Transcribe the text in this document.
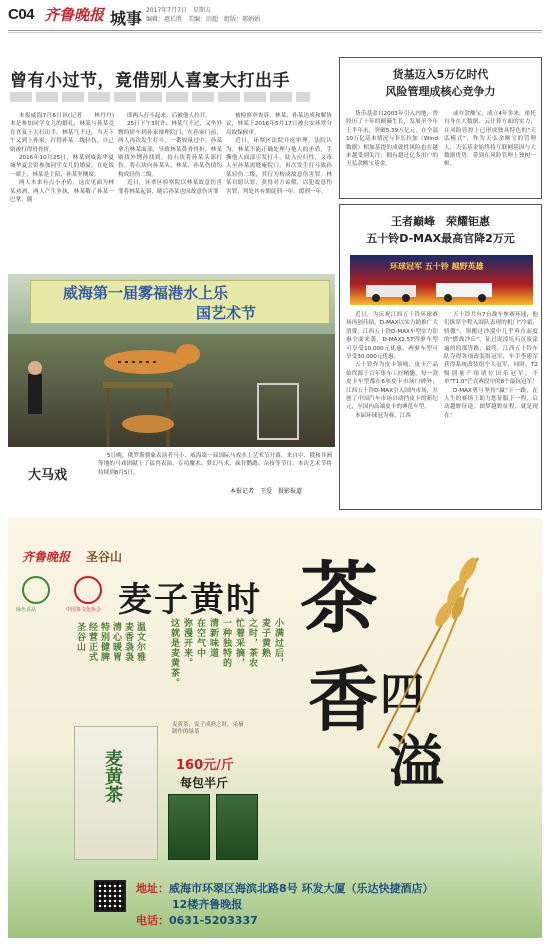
C04 齐鲁晚报 城事 2017年7月7日　星期五
编辑：惠长胜　美编：田超　组版：郝娟娟
曾有小过节，竟借别人喜宴大打出手

本报威海7月6日讯(记者　　林丹丹)　本是参加同学女儿的婚礼，林某与孙某竟在喜宴上大打出手。林某气不过，当天下午又到上孙家，打得孙某二级轻伤，自己则被打得骨骨折。

2016年10月25日，林某到威海华夏城华夏会馆参加同学女儿的婚宴，在吃饭一席上，林某是主陪，孙某坐侧席。

两人本来有点小矛盾，这次见面为林某劝酒，两人产生争执，林某敬了孙某一巴掌，随

即两人打斗起来，后被他人拉开。

25日下午3时许，林某气不过，又坐外甥的轿车到孙家辩理院门，在孙家门前，两人再次发生打斗，一番较量过中，孙某拿击林某面部，导致林某鼻骨骨折，林某则找外甥孙找到，持石块将孙某头部打伤。将石块向孙某头，林某、孙某伤情均构成轻伤二级。

近日，环翠区检察院以林某故意伤害罪将林某起诉，随后孙某也因故意伤害罪

被检察审查诉，林某、孙某达成和解协议，林某于2016年5月17日被公安环翠分局取保候审。

近日，环翠区法院开庭审理，法院认为，林某不能正确处理与他人的矛盾，手撕他人面部引发打斗，陆入应归性，又毒人至孙某需缝庵院门，再次发生打斗致孙某轻伤二级，其行为构成故意伤害罪。林某自愿认罪，获得对方谅解，以犯故意伤害罪，判处其有期徒刑一年，缓刑一年。

威海第一届雾福港水上乐
国艺术节
大马戏

5日晚，俄罗斯驯象表演者马小，威海第一届国际马戏水上艺术节开幕，来自中、俄和非洲等地的马戏团献上了猛兽表演、专功魔术、梦幻马术、疯狂鹦鹉、杂技等节目，本次艺术节将持续到8月5日。

本报记者　王爱　摄影报道
货基迈入5万亿时代
风险管理成核心竞争力

货币基金自2003年引入内地，曾经历了十年的颠簸生长，发展至今年上半年末，突破5.39万亿元，在全部10万亿基本情况与非长拉加（Wind数据）相加基提的成就性风险也在越来越受到关注；拥有超过亿多用户的天弘余额宝基金，

或存余额宝，成立4年多来，依托自身在大数据、云计算方面的实力，在风险管控上已形成独具特色的"天弘模式"，作为天弘余额宝的管理人，天弘基金始终将互联网基因与大数据优势，带到在风险管理上独树一帜。

王者巅峰　荣耀钜惠
五十铃D-MAX最高官降2万元
环球冠军 五十铃 越野英雄

近日，为庆祝江西五十铃环球赛场再创佳绩，D-MAX以实力助推广大消费，江西五十铃D-MAX车型实力钜惠全面来袭，D-MAX2.5T四驱车型可享受10,000元优惠，两驱车型可享受30,000元优惠。

五十铃作为皮卡领域，皮卡产品始终源于百年集车工匠精髓，每一款皮卡车型都在6项皮卡市场口碑外，江西五十铃D-MAX引入国内市场，开创了中国汽车市场自动挡皮卡的新纪元，至国内高端皮卡的典范车型。

本届环球冠为赛，江西

五十铃共有7台战车参赛环球，他们纵穿全程入围队表现的机门"冷霜，骄傲"，领搬过沙漠中几乎垂直而度的"燃战沙丘"，征过泥淖坑石沉废涂遍的的那等路，最终，江西五十铃车队夺得各项改装组冠军，车手李建军获得系统改装组个人冠军，同时，T2级别量产组诸位田乐冠军，不单"T1.0"芒式赛段中的8个最抗冠军！

D-MAX勇与坚持"赢"下一路，在人生的赛场上助力您征服下一程，启动越野征途，图梦越野征程，就是现在！

齐鲁晚报 圣谷山
绿色食品	中国茶文化协会 麦子黄时 茶
香 四
溢
圣谷山 经营正式 特别健脾 清心暖胃 麦香袅袅 温文尔雅	这就是麦黄茶。 弥漫开来。 在空气中 清新味道 一种独特的 忙着采摘， 之时，茶农 麦子黄熟 小满过后，
麦黄茶
麦黄茶，麦子成熟之时，采摘制作的绿茶
160元/斤
每包半斤
地址：威海市环翠区海滨北路8号 环发大厦（乐达快捷酒店）
12楼齐鲁晚报
电话：0631-5203337
